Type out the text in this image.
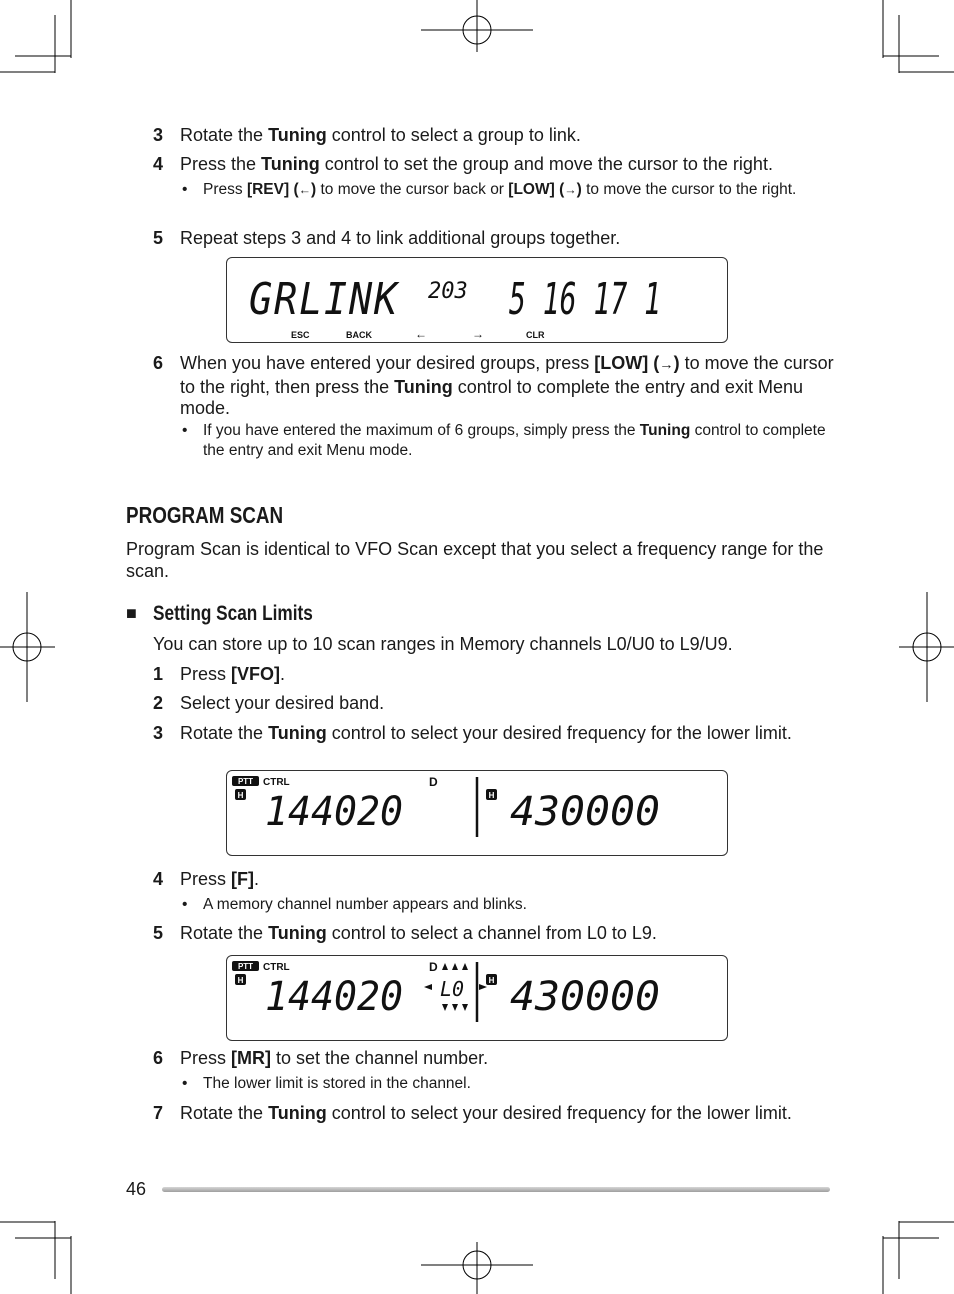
3 Rotate the Tuning control to select a group to link.
4 Press the Tuning control to set the group and move the cursor to the right.
• Press [REV] (←) to move the cursor back or [LOW] (→) to move the cursor to the right.
5 Repeat steps 3 and 4 to link additional groups together.
GRLINK 203 5 16 17 1
ESC	BACK	←	→	CLR
6 When you have entered your desired groups, press [LOW] (→) to move the cursor to the right, then press the Tuning control to complete the entry and exit Menu mode.
• If you have entered the maximum of 6 groups, simply press the Tuning control to complete the entry and exit Menu mode.
PROGRAM SCAN
Program Scan is identical to VFO Scan except that you select a frequency range for the scan.
■ Setting Scan Limits
You can store up to 10 scan ranges in Memory channels L0/U0 to L9/U9.
1 Press [VFO].
2 Select your desired band.
3 Rotate the Tuning control to select your desired frequency for the lower limit.
PTT CTRL
H
D
144020	H 430000
4 Press [F].
• A memory channel number appears and blinks.
5 Rotate the Tuning control to select a channel from L0 to L9.
PTT CTRL
H
D
144020 L0	H 430000
6 Press [MR] to set the channel number.
• The lower limit is stored in the channel.
7 Rotate the Tuning control to select your desired frequency for the lower limit.
46
